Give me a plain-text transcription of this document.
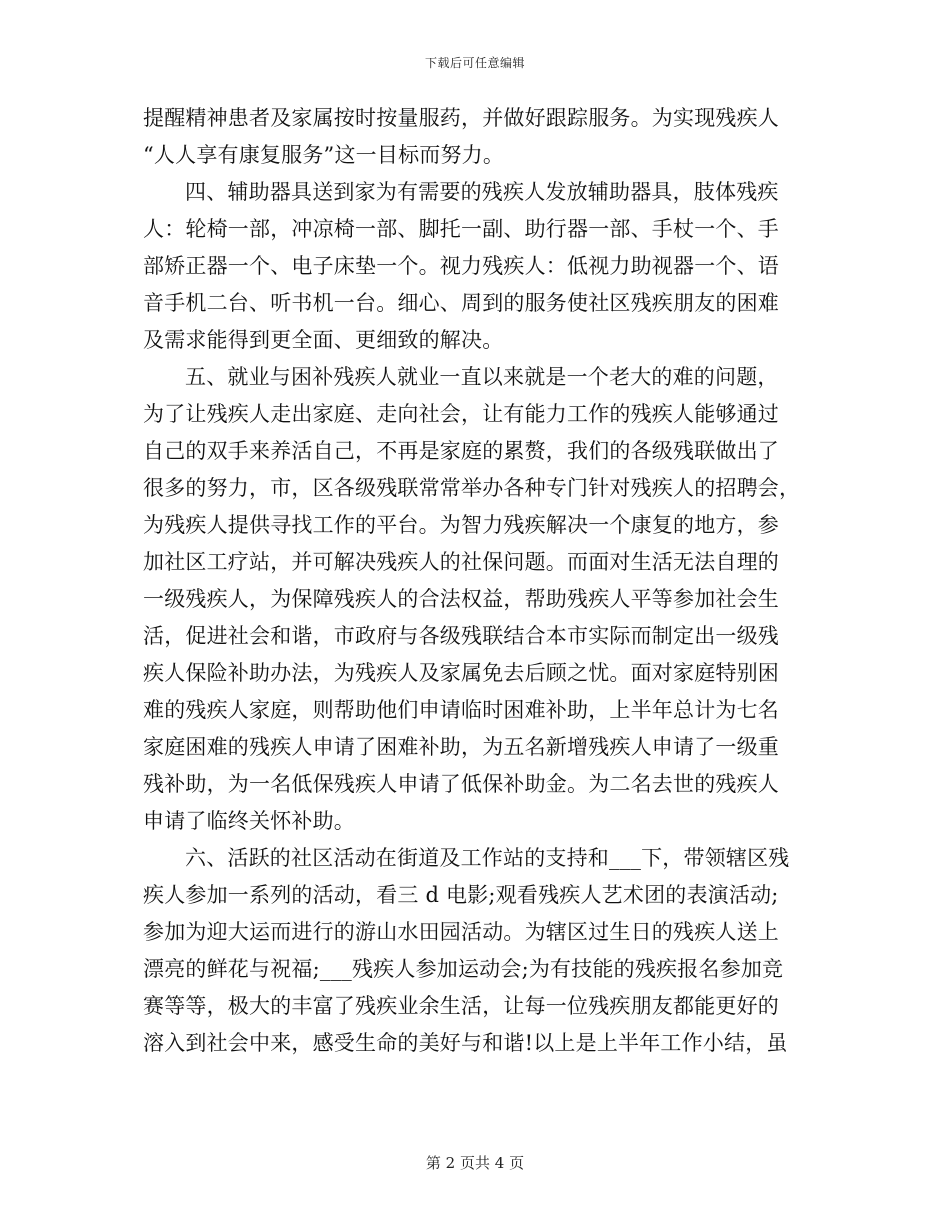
下载后可任意编辑
提醒精神患者及家属按时按量服药，并做好跟踪服务。为实现残疾人
“人人享有康复服务”这一目标而努力。
四、辅助器具送到家为有需要的残疾人发放辅助器具，肢体残疾
人：轮椅一部，冲凉椅一部、脚托一副、助行器一部、手杖一个、手
部矫正器一个、电子床垫一个。视力残疾人：低视力助视器一个、语
音手机二台、听书机一台。细心、周到的服务使社区残疾朋友的困难
及需求能得到更全面、更细致的解决。
五、就业与困补残疾人就业一直以来就是一个老大的难的问题，
为了让残疾人走出家庭、走向社会，让有能力工作的残疾人能够通过
自己的双手来养活自己，不再是家庭的累赘，我们的各级残联做出了
很多的努力，市，区各级残联常常举办各种专门针对残疾人的招聘会，
为残疾人提供寻找工作的平台。为智力残疾解决一个康复的地方，参
加社区工疗站，并可解决残疾人的社保问题。而面对生活无法自理的
一级残疾人，为保障残疾人的合法权益，帮助残疾人平等参加社会生
活，促进社会和谐，市政府与各级残联结合本市实际而制定出一级残
疾人保险补助办法，为残疾人及家属免去后顾之忧。面对家庭特别困
难的残疾人家庭，则帮助他们申请临时困难补助，上半年总计为七名
家庭困难的残疾人申请了困难补助，为五名新增残疾人申请了一级重
残补助，为一名低保残疾人申请了低保补助金。为二名去世的残疾人
申请了临终关怀补助。
六、活跃的社区活动在街道及工作站的支持和___下，带领辖区残
疾人参加一系列的活动，看三 d 电影;观看残疾人艺术团的表演活动;
参加为迎大运而进行的游山水田园活动。为辖区过生日的残疾人送上
漂亮的鲜花与祝福;___残疾人参加运动会;为有技能的残疾报名参加竞
赛等等，极大的丰富了残疾业余生活，让每一位残疾朋友都能更好的
溶入到社会中来，感受生命的美好与和谐!以上是上半年工作小结，虽
第 2 页共 4 页
